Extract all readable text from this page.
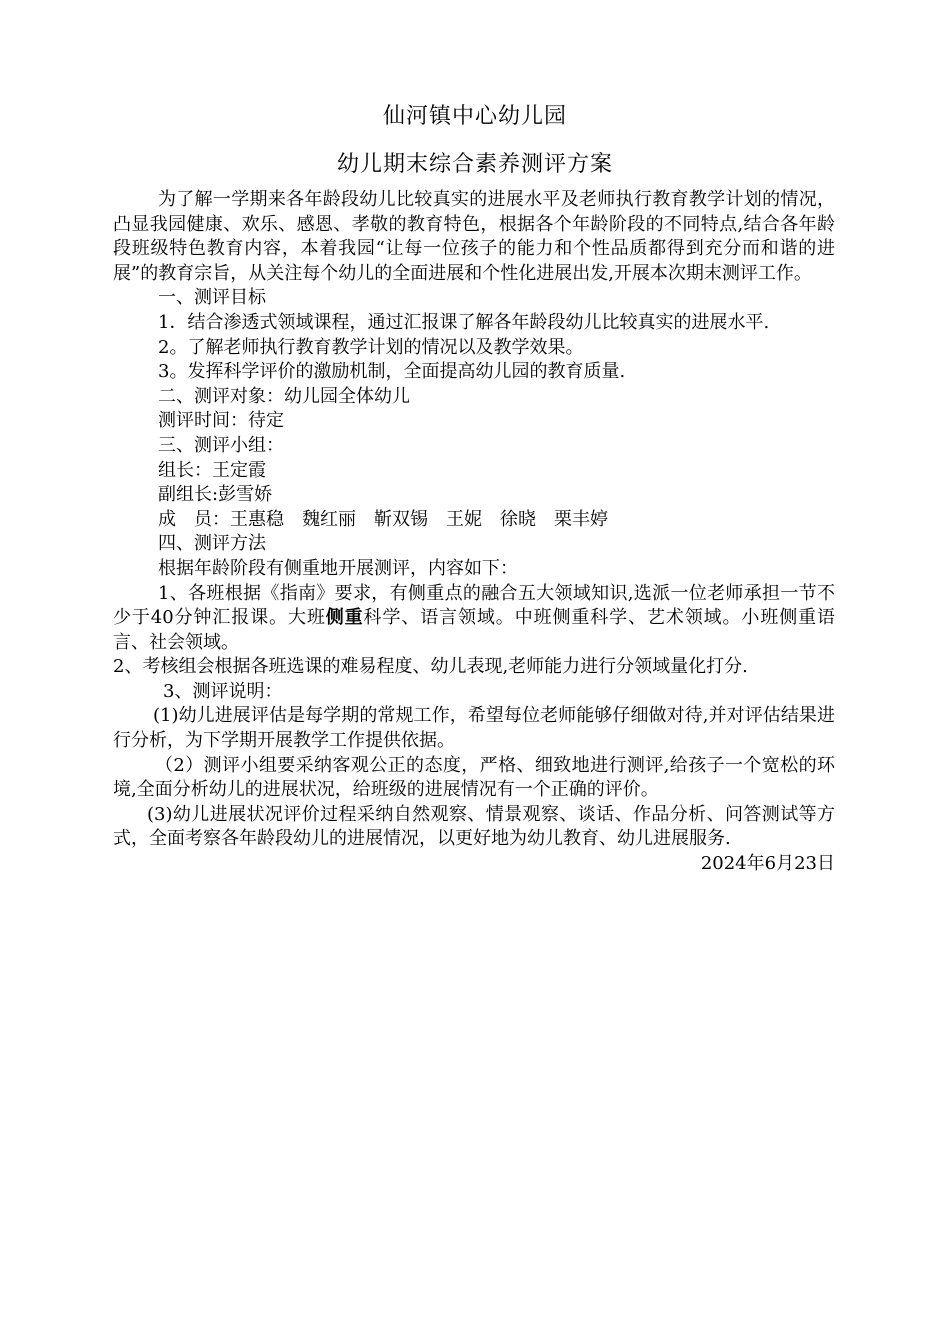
仙河镇中心幼儿园
幼儿期末综合素养测评方案

为了解一学期来各年龄段幼儿比较真实的进展水平及老师执行教育教学计划的情况，凸显我园健康、欢乐、感恩、孝敬的教育特色，根据各个年龄阶段的不同特点,结合各年龄段班级特色教育内容，本着我园“让每一位孩子的能力和个性品质都得到充分而和谐的进展”的教育宗旨，从关注每个幼儿的全面进展和个性化进展出发,开展本次期末测评工作。

一、测评目标

1．结合渗透式领域课程，通过汇报课了解各年龄段幼儿比较真实的进展水平.

2。了解老师执行教育教学计划的情况以及教学效果。

3。发挥科学评价的激励机制，全面提高幼儿园的教育质量.

二、测评对象：幼儿园全体幼儿

测评时间：待定

三、测评小组：

组长：王定霞

副组长:彭雪娇

成　员：王惠稳　魏红丽　靳双锡　王妮　徐晓　栗丰婷

四、测评方法

根据年龄阶段有侧重地开展测评，内容如下：

1、各班根据《指南》要求，有侧重点的融合五大领域知识,选派一位老师承担一节不少于40分钟汇报课。大班侧重科学、语言领域。中班侧重科学、艺术领域。小班侧重语言、社会领域。

2、考核组会根据各班选课的难易程度、幼儿表现,老师能力进行分领域量化打分.

3、测评说明：

(1)幼儿进展评估是每学期的常规工作，希望每位老师能够仔细做对待,并对评估结果进行分析，为下学期开展教学工作提供依据。

（2）测评小组要采纳客观公正的态度，严格、细致地进行测评,给孩子一个宽松的环境,全面分析幼儿的进展状况，给班级的进展情况有一个正确的评价。

(3)幼儿进展状况评价过程采纳自然观察、情景观察、谈话、作品分析、问答测试等方式，全面考察各年龄段幼儿的进展情况，以更好地为幼儿教育、幼儿进展服务.

2024年6月23日
